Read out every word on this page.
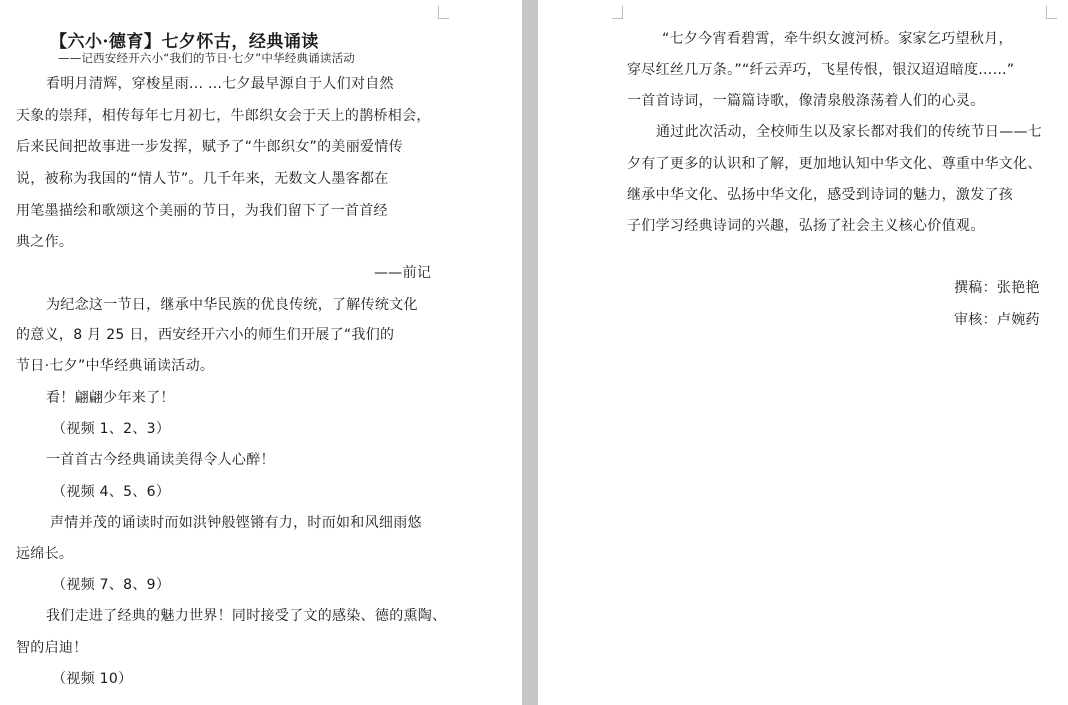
【六小·德育】七夕怀古，经典诵读
——记西安经开六小“我们的节日·七夕”中华经典诵读活动
看明月清辉，穿梭星雨... ...七夕最早源自于人们对自然
天象的崇拜，相传每年七月初七，牛郎织女会于天上的鹊桥相会，
后来民间把故事进一步发挥，赋予了“牛郎织女”的美丽爱情传
说，被称为我国的“情人节”。几千年来，无数文人墨客都在
用笔墨描绘和歌颂这个美丽的节日，为我们留下了一首首经
典之作。
——前记
为纪念这一节日，继承中华民族的优良传统，了解传统文化
的意义，8 月 25 日，西安经开六小的师生们开展了“我们的
节日·七夕”中华经典诵读活动。
看！翩翩少年来了！
（视频 1、2、3）
一首首古今经典诵读美得令人心醉！
（视频 4、5、6）
声情并茂的诵读时而如洪钟般铿锵有力，时而如和风细雨悠
远绵长。
（视频 7、8、9）
我们走进了经典的魅力世界！同时接受了文的感染、德的熏陶、
智的启迪！
（视频 10）
“七夕今宵看碧霄，牵牛织女渡河桥。家家乞巧望秋月，
穿尽红丝几万条。”“纤云弄巧，飞星传恨，银汉迢迢暗度……”
一首首诗词，一篇篇诗歌，像清泉般涤荡着人们的心灵。
通过此次活动，全校师生以及家长都对我们的传统节日——七
夕有了更多的认识和了解，更加地认知中华文化、尊重中华文化、
继承中华文化、弘扬中华文化，感受到诗词的魅力，激发了孩
子们学习经典诗词的兴趣，弘扬了社会主义核心价值观。
撰稿：张艳艳
审核：卢婉药
